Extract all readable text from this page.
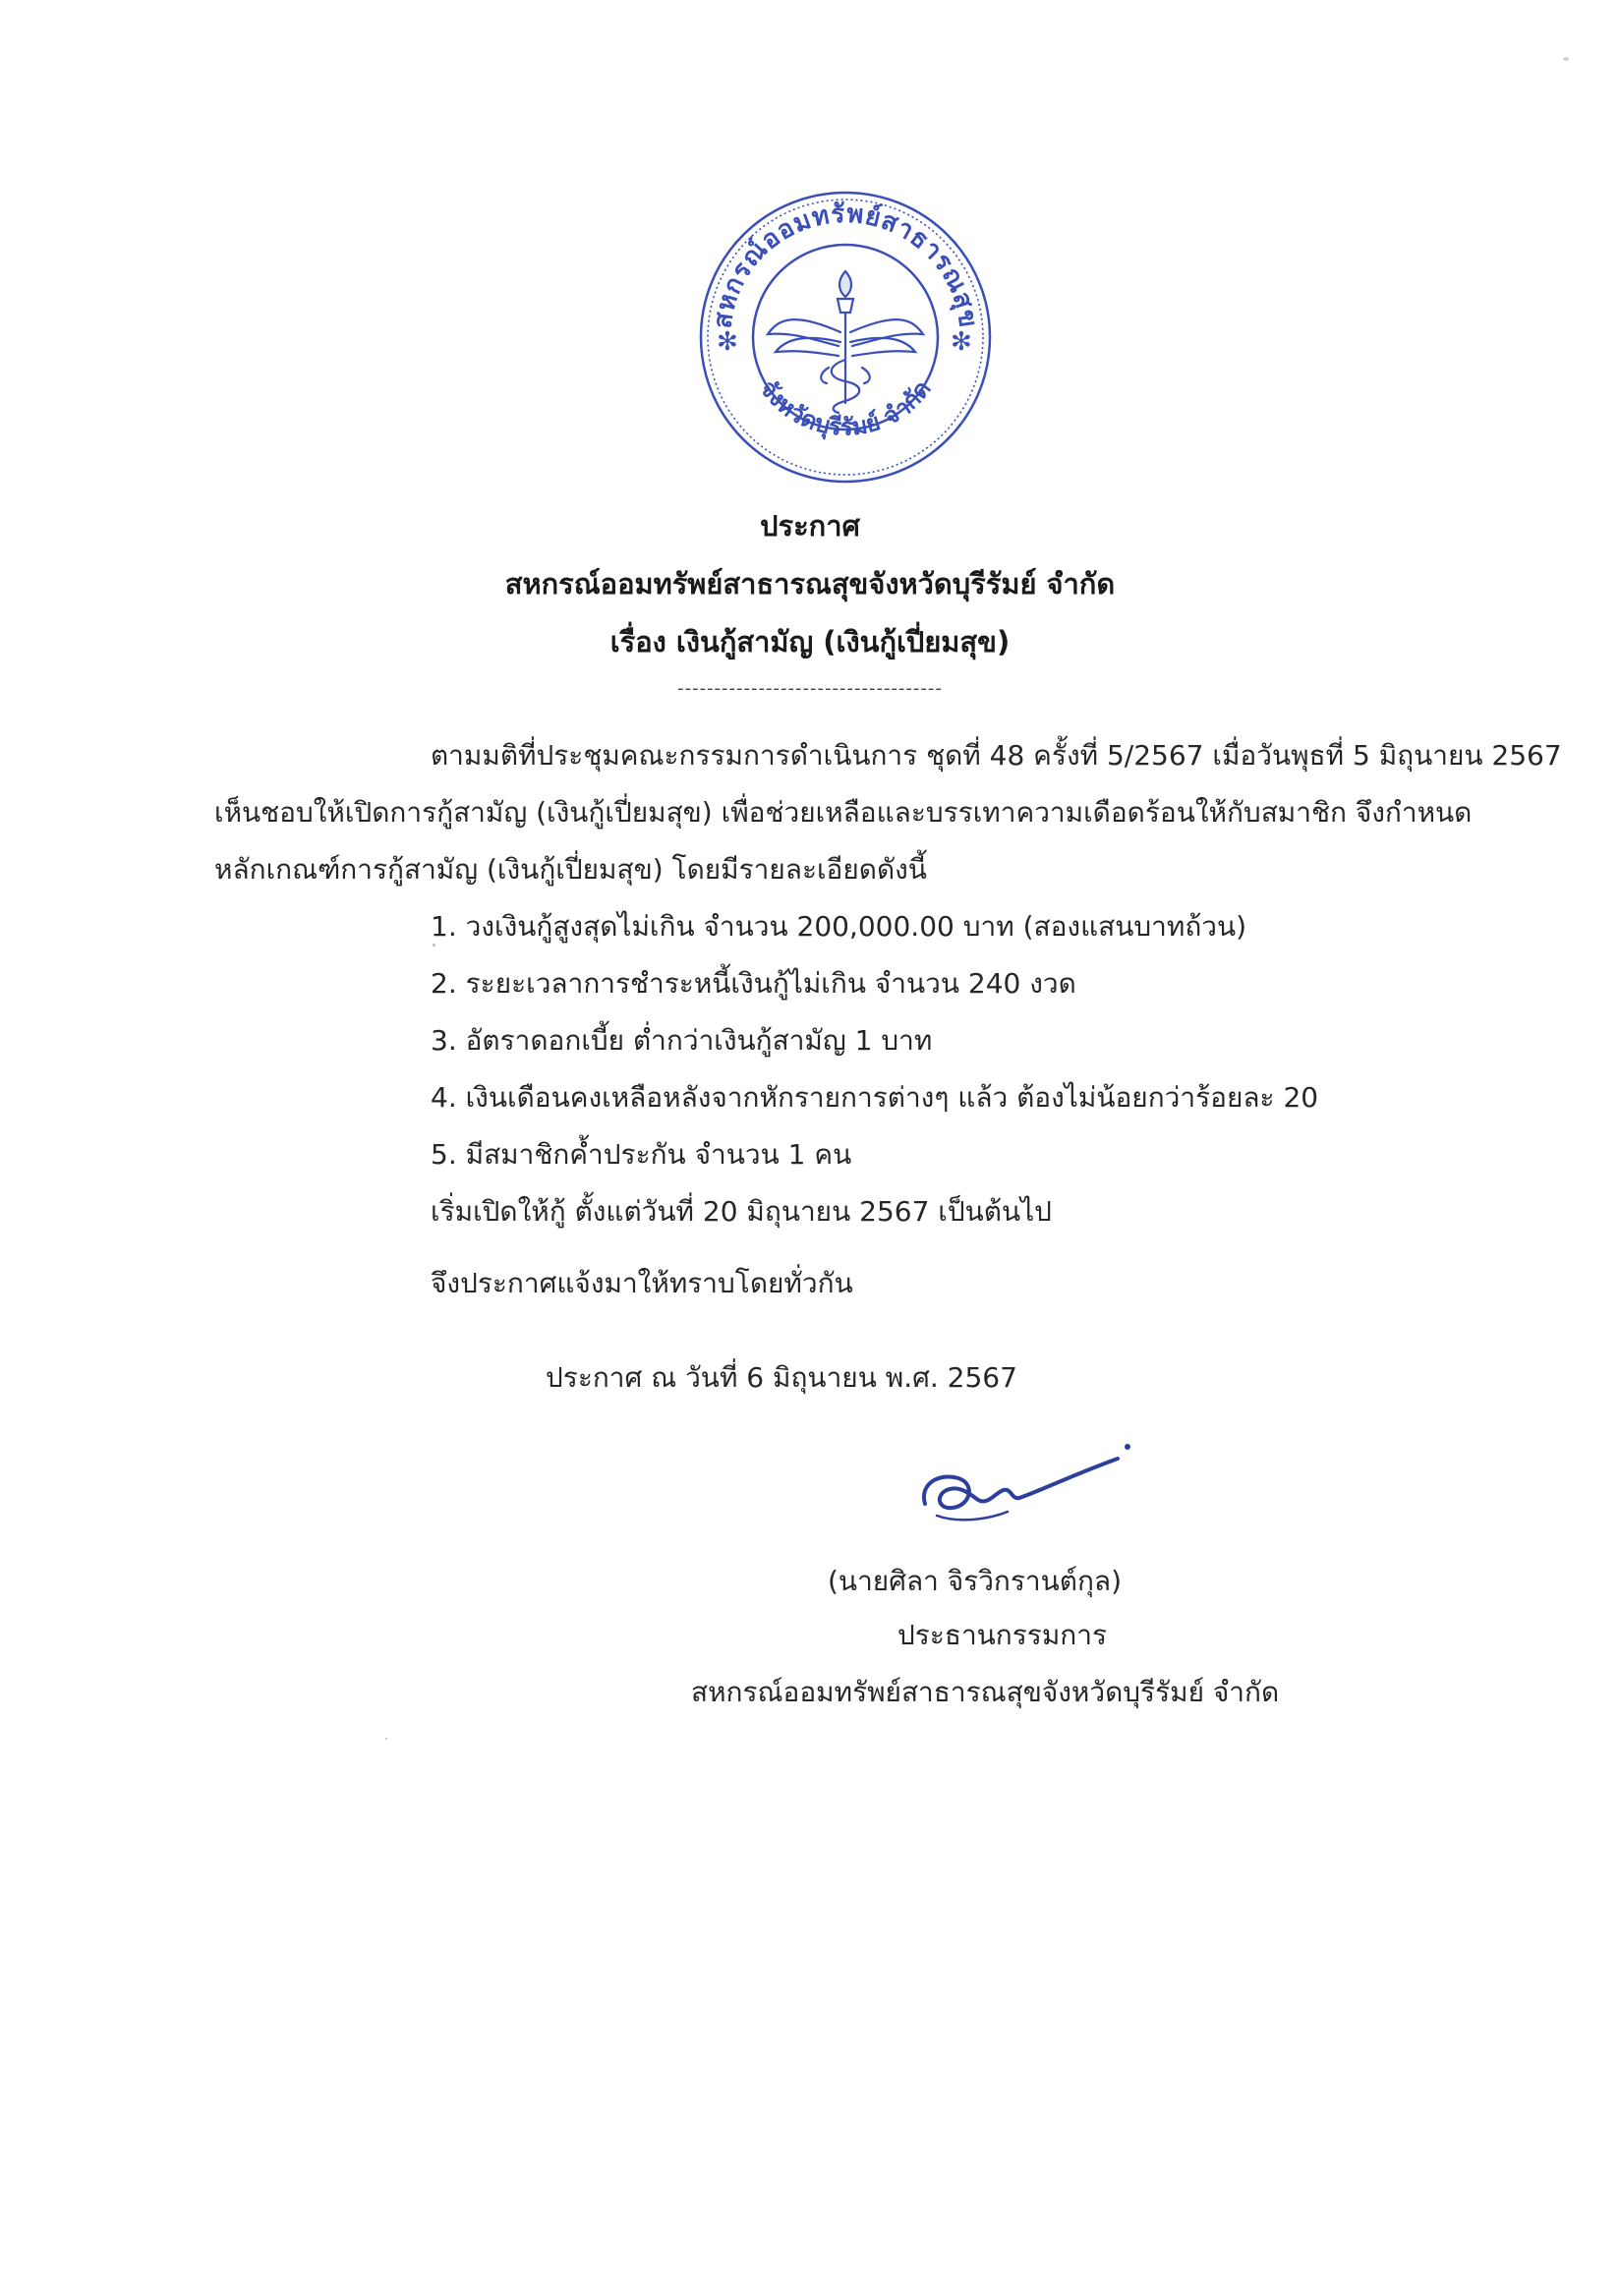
สหกรณ์ออมทรัพย์สาธารณสุข
จังหวัดบุรีรัมย์ จำกัด
✻	✻
ประกาศ
สหกรณ์ออมทรัพย์สาธารณสุขจังหวัดบุรีรัมย์ จำกัด
เรื่อง เงินกู้สามัญ (เงินกู้เปี่ยมสุข)
------------------------------------
ตามมติที่ประชุมคณะกรรมการดำเนินการ ชุดที่ 48 ครั้งที่ 5/2567 เมื่อวันพุธที่ 5 มิถุนายน 2567
เห็นชอบให้เปิดการกู้สามัญ (เงินกู้เปี่ยมสุข) เพื่อช่วยเหลือและบรรเทาความเดือดร้อนให้กับสมาชิก จึงกำหนด
หลักเกณฑ์การกู้สามัญ (เงินกู้เปี่ยมสุข) โดยมีรายละเอียดดังนี้
1. วงเงินกู้สูงสุดไม่เกิน จำนวน 200,000.00 บาท (สองแสนบาทถ้วน)
2. ระยะเวลาการชำระหนี้เงินกู้ไม่เกิน จำนวน 240 งวด
3. อัตราดอกเบี้ย ต่ำกว่าเงินกู้สามัญ 1 บาท
4. เงินเดือนคงเหลือหลังจากหักรายการต่างๆ แล้ว ต้องไม่น้อยกว่าร้อยละ 20
5. มีสมาชิกค้ำประกัน จำนวน 1 คน
เริ่มเปิดให้กู้ ตั้งแต่วันที่ 20 มิถุนายน 2567 เป็นต้นไป
จึงประกาศแจ้งมาให้ทราบโดยทั่วกัน
ประกาศ ณ วันที่ 6 มิถุนายน พ.ศ. 2567
(นายศิลา จิรวิกรานต์กุล)
ประธานกรรมการ
สหกรณ์ออมทรัพย์สาธารณสุขจังหวัดบุรีรัมย์ จำกัด
